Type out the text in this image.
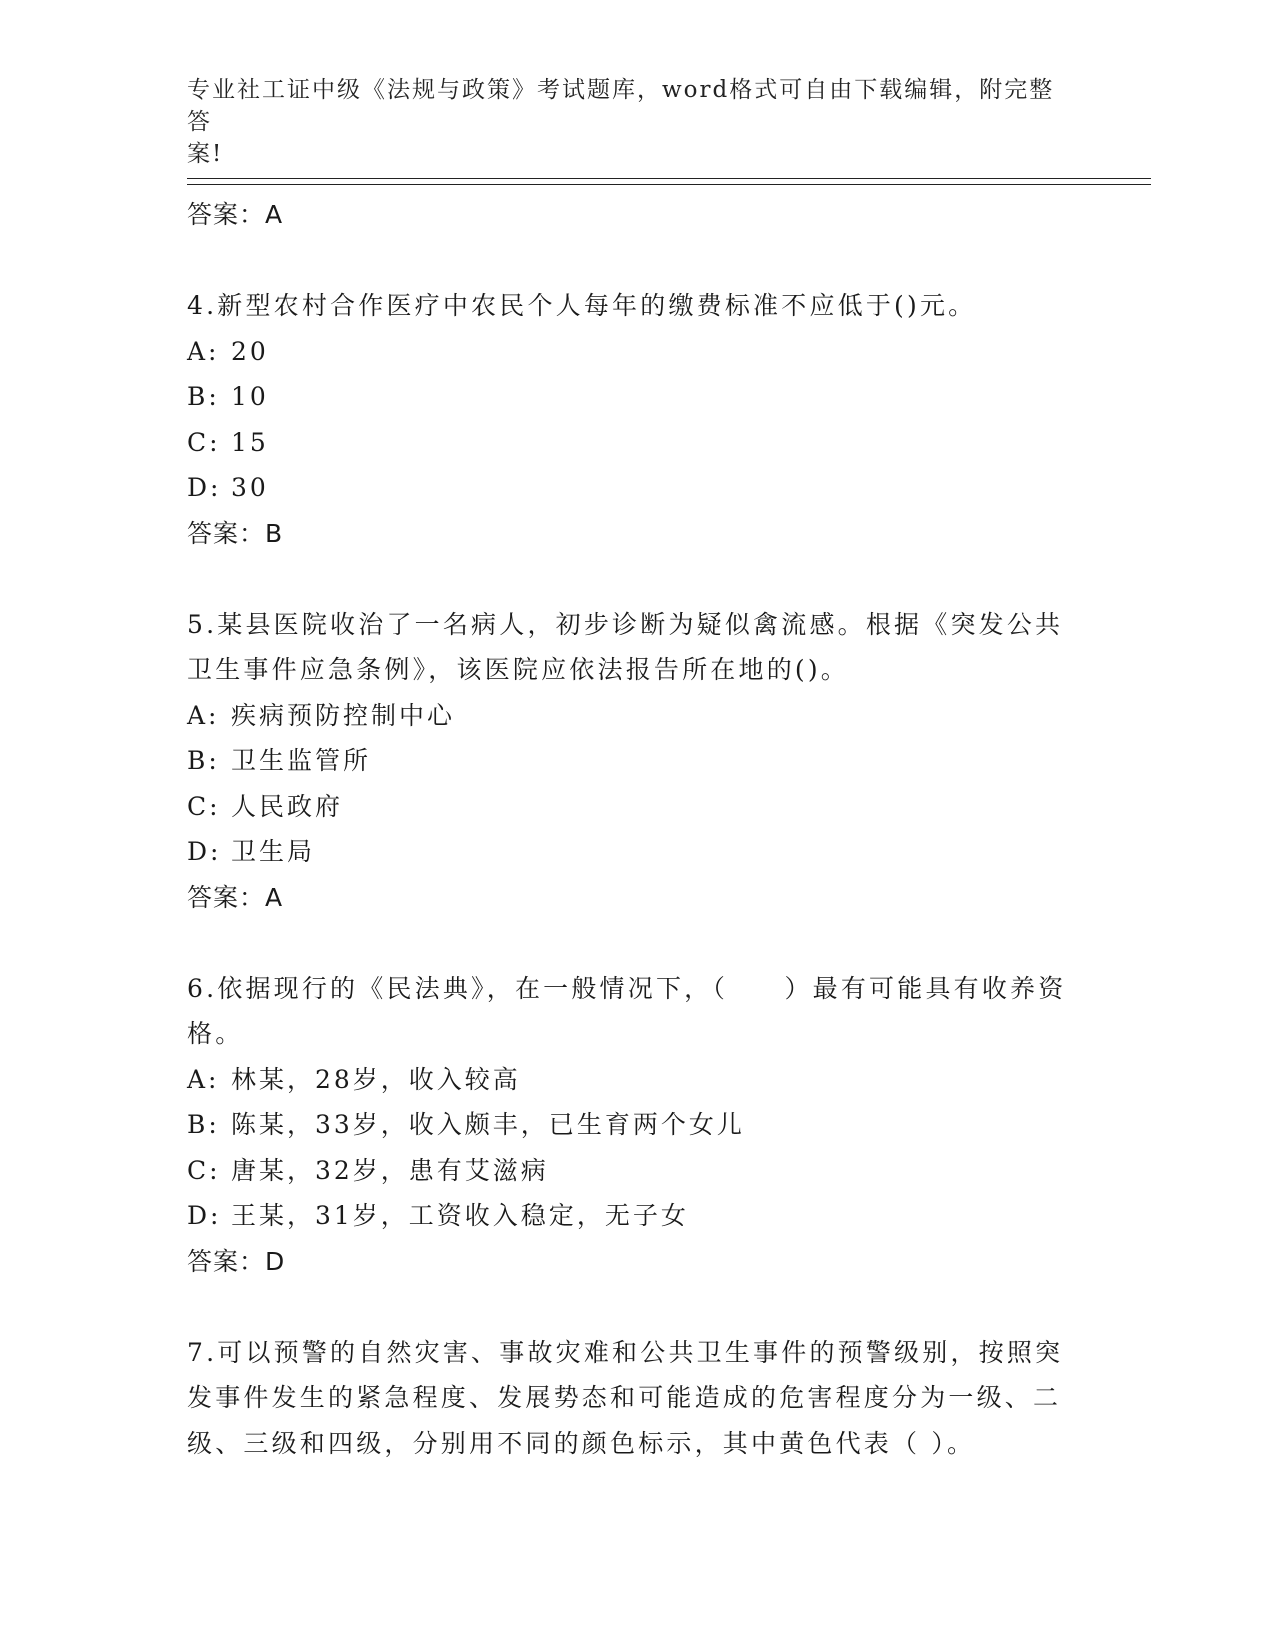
专业社工证中级《法规与政策》考试题库，word格式可自由下载编辑，附完整答
案!
答案：A
4.新型农村合作医疗中农民个人每年的缴费标准不应低于()元。
A: 20
B: 10
C: 15
D: 30
答案：B
5.某县医院收治了一名病人，初步诊断为疑似禽流感。根据《突发公共卫生事件应急条例》，该医院应依法报告所在地的()。
A: 疾病预防控制中心
B: 卫生监管所
C: 人民政府
D: 卫生局
答案：A
6.依据现行的《民法典》，在一般情况下，（　　）最有可能具有收养资格。
A: 林某，28岁，收入较高
B: 陈某，33岁，收入颇丰，已生育两个女儿
C: 唐某，32岁，患有艾滋病
D: 王某，31岁，工资收入稳定，无子女
答案：D
7.可以预警的自然灾害、事故灾难和公共卫生事件的预警级别，按照突发事件发生的紧急程度、发展势态和可能造成的危害程度分为一级、二级、三级和四级，分别用不同的颜色标示，其中黄色代表（ ）。
